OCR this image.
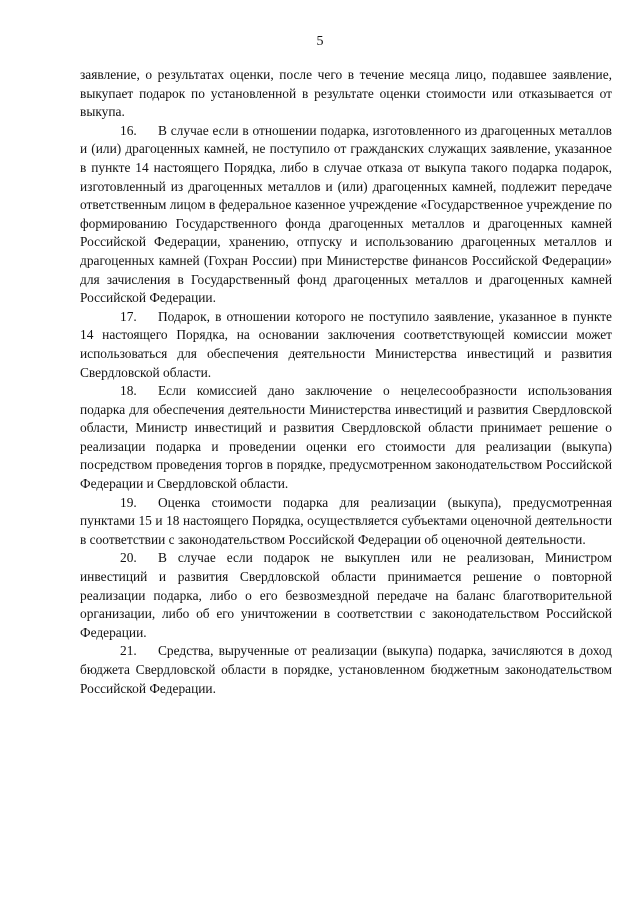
5

заявление, о результатах оценки, после чего в течение месяца лицо, подавшее заявление, выкупает подарок по установленной в результате оценки стоимости или отказывается от выкупа.

16. В случае если в отношении подарка, изготовленного из драгоценных металлов и (или) драгоценных камней, не поступило от гражданских служащих заявление, указанное в пункте 14 настоящего Порядка, либо в случае отказа от выкупа такого подарка подарок, изготовленный из драгоценных металлов и (или) драгоценных камней, подлежит передаче ответственным лицом в федеральное казенное учреждение «Государственное учреждение по формированию Государственного фонда драгоценных металлов и драгоценных камней Российской Федерации, хранению, отпуску и использованию драгоценных металлов и драгоценных камней (Гохран России) при Министерстве финансов Российской Федерации» для зачисления в Государственный фонд драгоценных металлов и драгоценных камней Российской Федерации.

17. Подарок, в отношении которого не поступило заявление, указанное в пункте 14 настоящего Порядка, на основании заключения соответствующей комиссии может использоваться для обеспечения деятельности Министерства инвестиций и развития Свердловской области.

18. Если комиссией дано заключение о нецелесообразности использования подарка для обеспечения деятельности Министерства инвестиций и развития Свердловской области, Министр инвестиций и развития Свердловской области принимает решение о реализации подарка и проведении оценки его стоимости для реализации (выкупа) посредством проведения торгов в порядке, предусмотренном законодательством Российской Федерации и Свердловской области.

19. Оценка стоимости подарка для реализации (выкупа), предусмотренная пунктами 15 и 18 настоящего Порядка, осуществляется субъектами оценочной деятельности в соответствии с законодательством Российской Федерации об оценочной деятельности.

20. В случае если подарок не выкуплен или не реализован, Министром инвестиций и развития Свердловской области принимается решение о повторной реализации подарка, либо о его безвозмездной передаче на баланс благотворительной организации, либо об его уничтожении в соответствии с законодательством Российской Федерации.

21. Средства, вырученные от реализации (выкупа) подарка, зачисляются в доход бюджета Свердловской области в порядке, установленном бюджетным законодательством Российской Федерации.
